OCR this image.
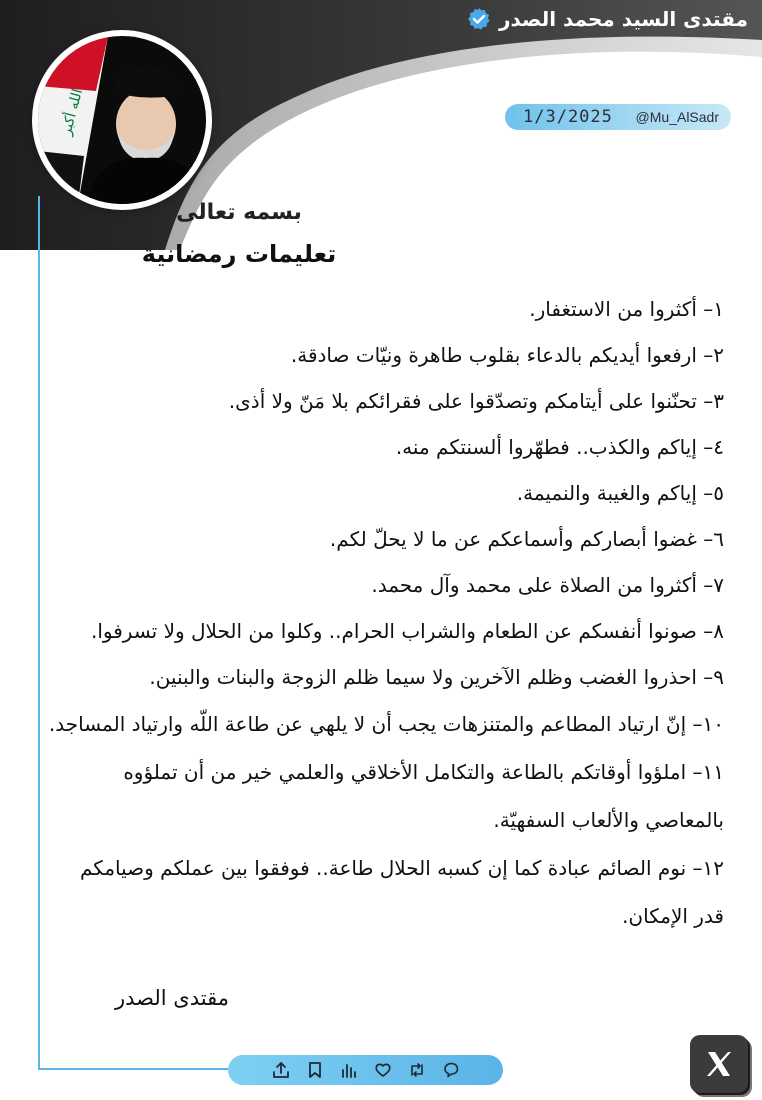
مقتدى السيد محمد الصدر
الله أكبر	1/3/2025 @Mu_AlSadr
بسمه تعالى
تعليمات رمضانية
١– أكثروا من الاستغفار.
٢– ارفعوا أيديكم بالدعاء بقلوب طاهرة ونيّات صادقة.
٣– تحنّنوا على أيتامكم وتصدّقوا على فقرائكم بلا مَنّ ولا أذى.
٤– إياكم والكذب.. فطهّروا ألسنتكم منه.
٥– إياكم والغيبة والنميمة.
٦– غضوا أبصاركم وأسماعكم عن ما لا يحلّ لكم.
٧– أكثروا من الصلاة على محمد وآل محمد.
٨– صونوا أنفسكم عن الطعام والشراب الحرام.. وكلوا من الحلال ولا تسرفوا.
٩– احذروا الغضب وظلم الآخرين ولا سيما ظلم الزوجة والبنات والبنين.
١٠– إنّ ارتياد المطاعم والمتنزهات يجب أن لا يلهي عن طاعة اللّه وارتياد المساجد.
١١– املؤوا أوقاتكم بالطاعة والتكامل الأخلاقي والعلمي خير من أن تملؤوه بالمعاصي والألعاب السفهيّة.
١٢– نوم الصائم عبادة كما إن كسبه الحلال طاعة.. فوفقوا بين عملكم وصيامكم قدر الإمكان.
مقتدى الصدر
